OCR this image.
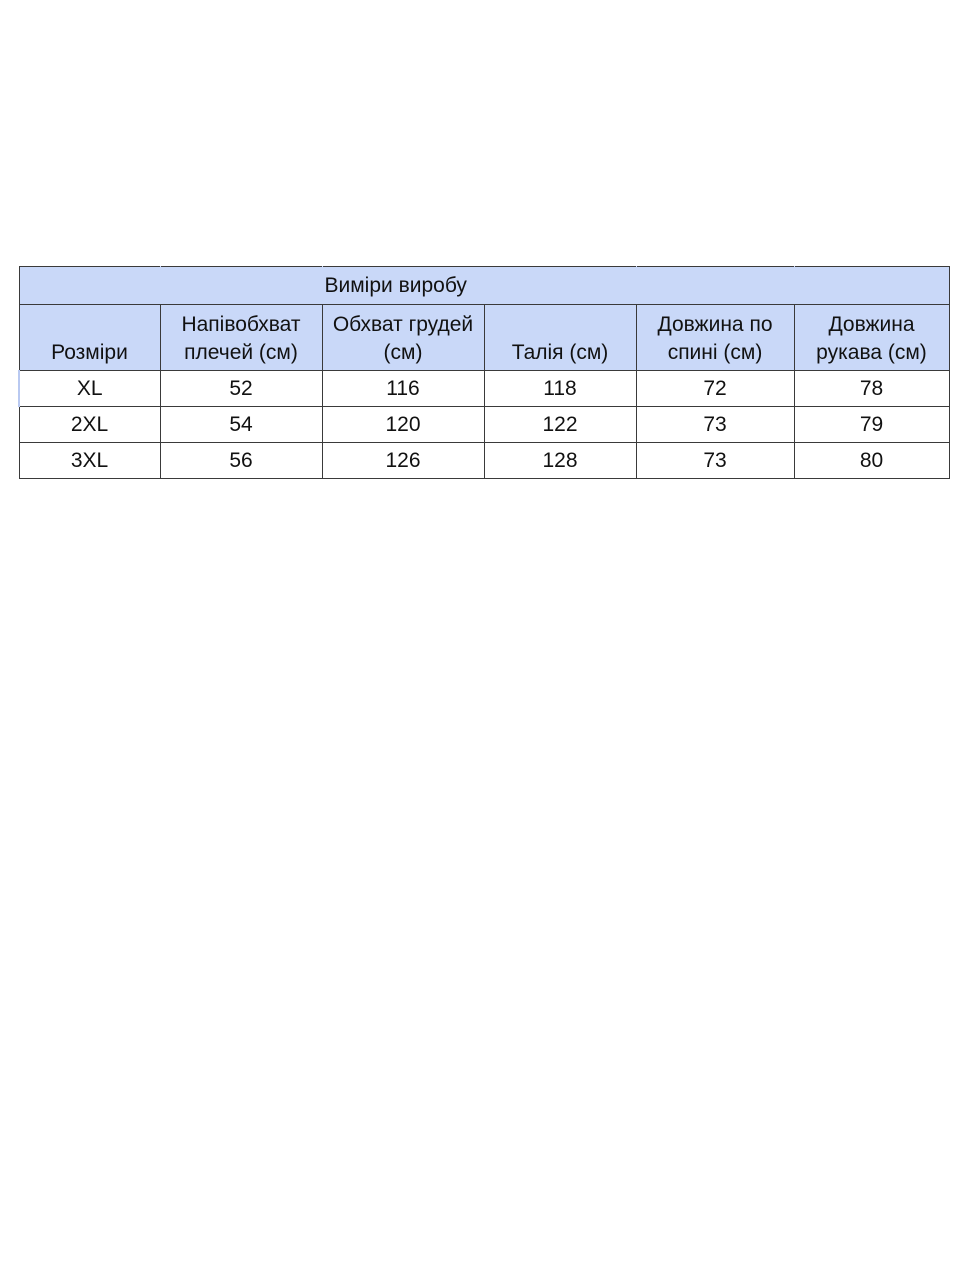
		Виміри виробу			
Розміри	Напівобхват плечей (см)	Обхват грудей (см)	Талія (см)	Довжина по спині (см)	Довжина рукава (см)
XL	52	116	118	72	78
2XL	54	120	122	73	79
3XL	56	126	128	73	80
